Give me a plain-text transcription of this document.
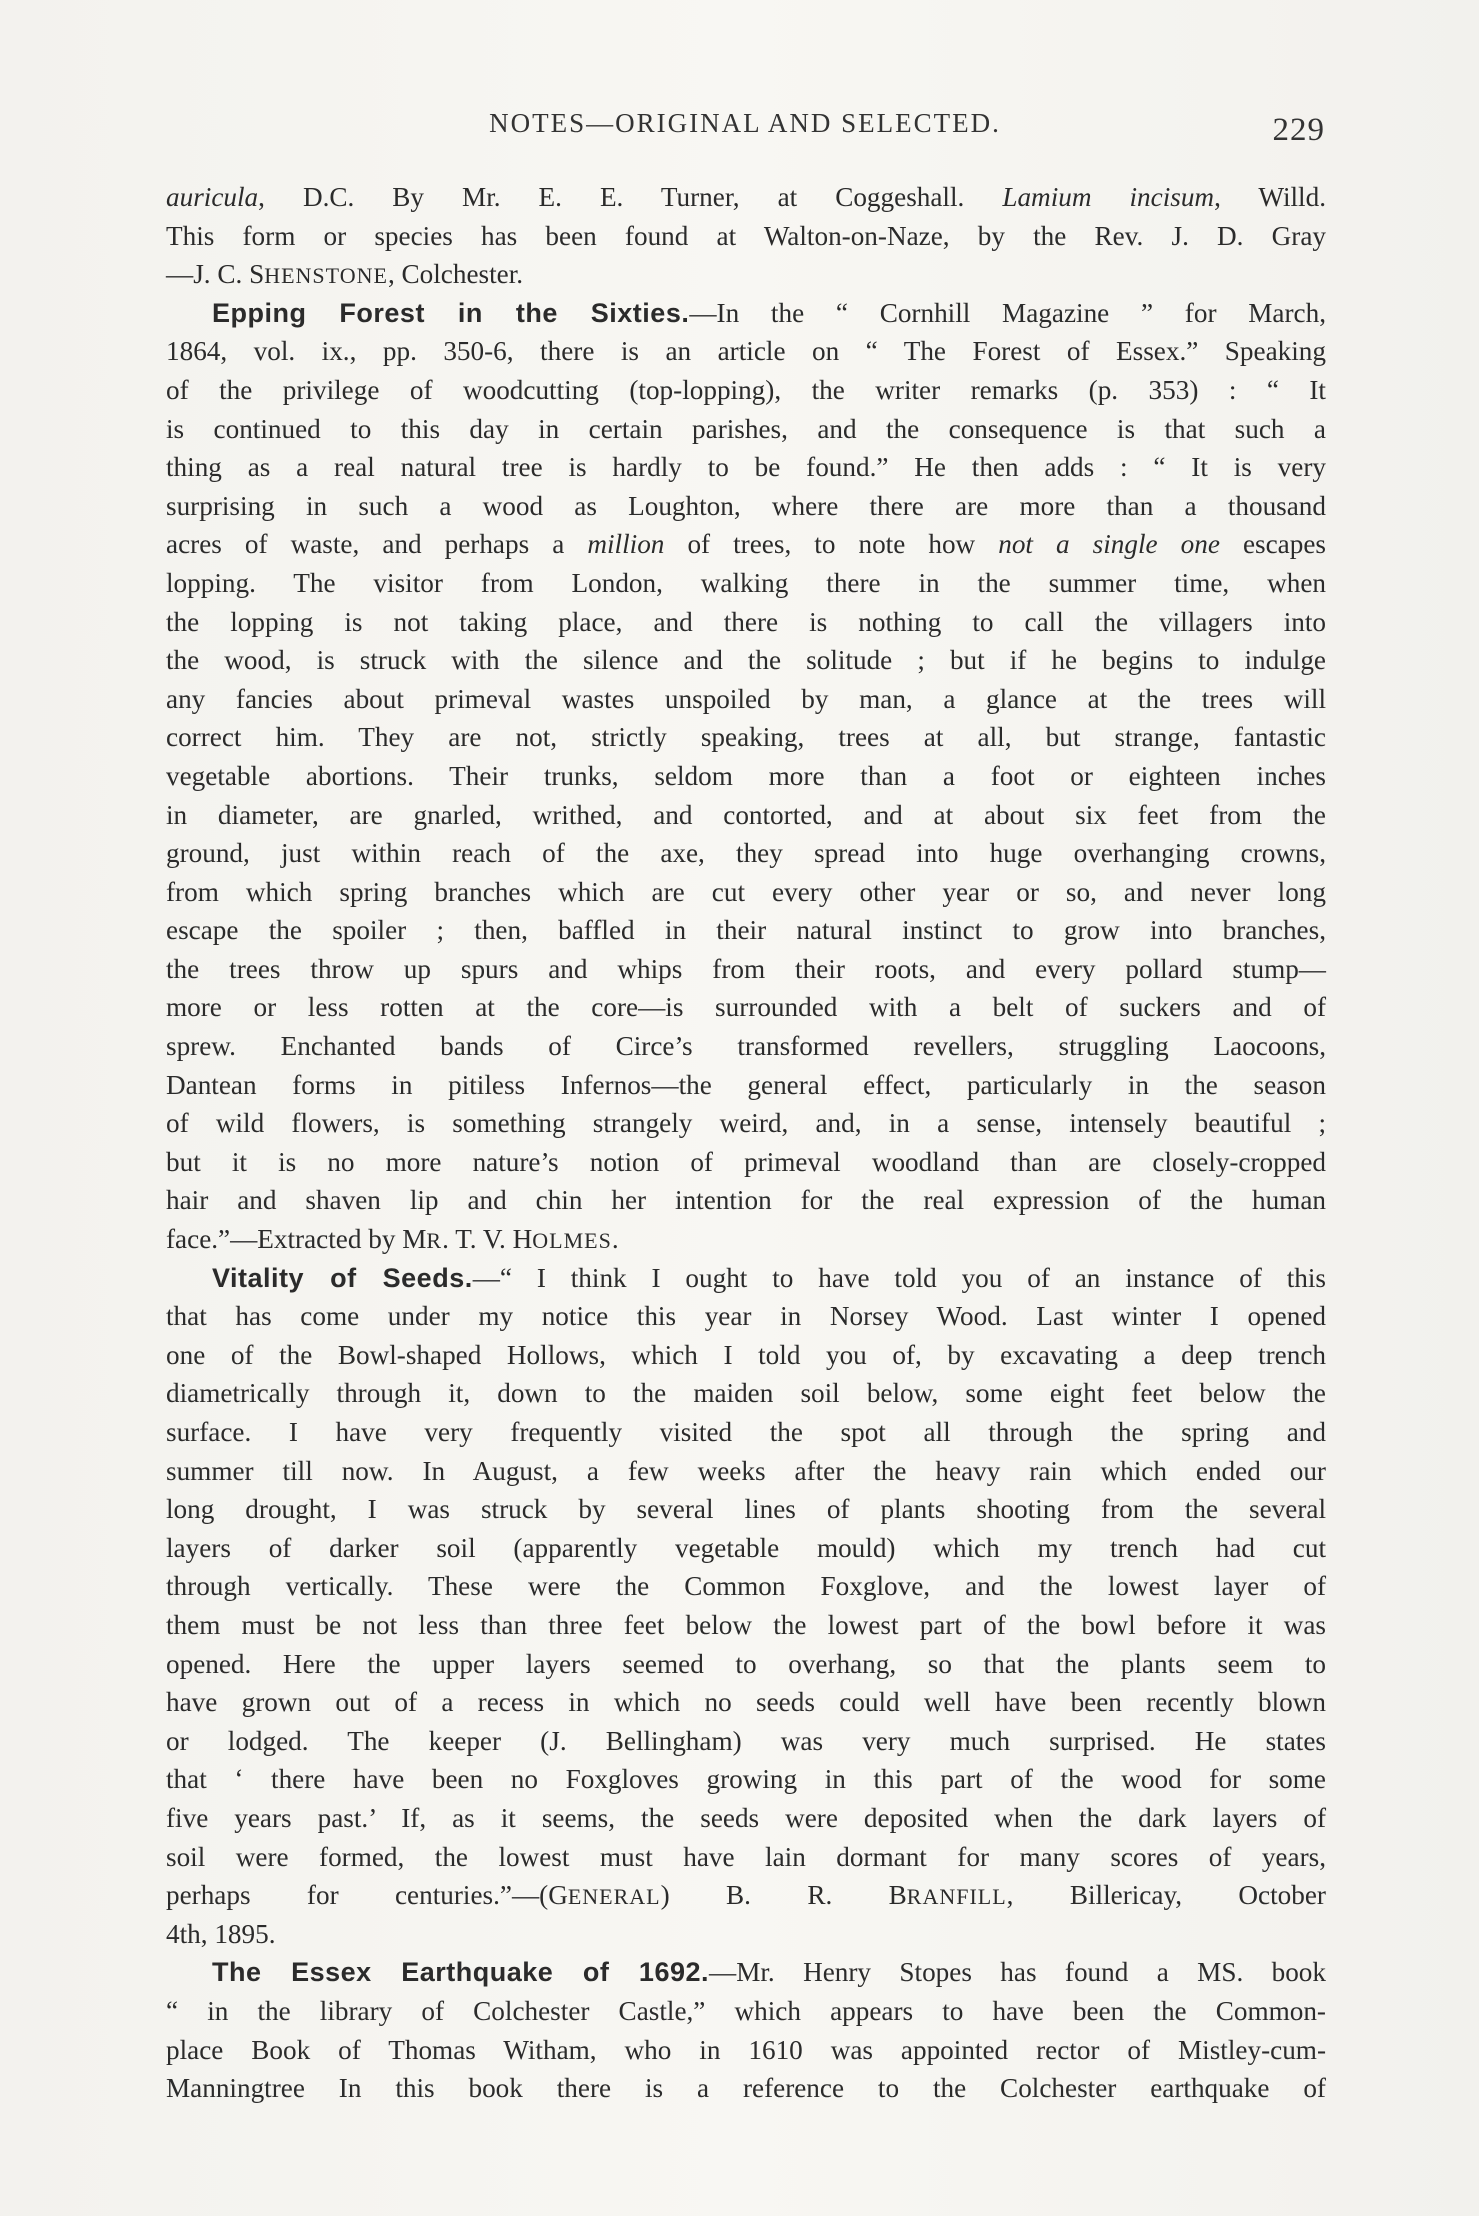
NOTES—ORIGINAL AND SELECTED.	229
auricula, D.C. By Mr. E. E. Turner, at Coggeshall. Lamium incisum, Willd.
This form or species has been found at Walton-on-Naze, by the Rev. J. D. Gray
—J. C. SHENSTONE, Colchester.
Epping Forest in the Sixties.—In the “ Cornhill Magazine ” for March,
1864, vol. ix., pp. 350-6, there is an article on “ The Forest of Essex.” Speaking
of the privilege of woodcutting (top-lopping), the writer remarks (p. 353) : “ It
is continued to this day in certain parishes, and the consequence is that such a
thing as a real natural tree is hardly to be found.” He then adds : “ It is very
surprising in such a wood as Loughton, where there are more than a thousand
acres of waste, and perhaps a million of trees, to note how not a single one escapes
lopping. The visitor from London, walking there in the summer time, when
the lopping is not taking place, and there is nothing to call the villagers into
the wood, is struck with the silence and the solitude ; but if he begins to indulge
any fancies about primeval wastes unspoiled by man, a glance at the trees will
correct him. They are not, strictly speaking, trees at all, but strange, fantastic
vegetable abortions. Their trunks, seldom more than a foot or eighteen inches
in diameter, are gnarled, writhed, and contorted, and at about six feet from the
ground, just within reach of the axe, they spread into huge overhanging crowns,
from which spring branches which are cut every other year or so, and never long
escape the spoiler ; then, baffled in their natural instinct to grow into branches,
the trees throw up spurs and whips from their roots, and every pollard stump—
more or less rotten at the core—is surrounded with a belt of suckers and of
sprew. Enchanted bands of Circe’s transformed revellers, struggling Laocoons,
Dantean forms in pitiless Infernos—the general effect, particularly in the season
of wild flowers, is something strangely weird, and, in a sense, intensely beautiful ;
but it is no more nature’s notion of primeval woodland than are closely-cropped
hair and shaven lip and chin her intention for the real expression of the human
face.”—Extracted by MR. T. V. HOLMES.
Vitality of Seeds.—“ I think I ought to have told you of an instance of this
that has come under my notice this year in Norsey Wood. Last winter I opened
one of the Bowl-shaped Hollows, which I told you of, by excavating a deep trench
diametrically through it, down to the maiden soil below, some eight feet below the
surface. I have very frequently visited the spot all through the spring and
summer till now. In August, a few weeks after the heavy rain which ended our
long drought, I was struck by several lines of plants shooting from the several
layers of darker soil (apparently vegetable mould) which my trench had cut
through vertically. These were the Common Foxglove, and the lowest layer of
them must be not less than three feet below the lowest part of the bowl before it was
opened. Here the upper layers seemed to overhang, so that the plants seem to
have grown out of a recess in which no seeds could well have been recently blown
or lodged. The keeper (J. Bellingham) was very much surprised. He states
that ‘ there have been no Foxgloves growing in this part of the wood for some
five years past.’ If, as it seems, the seeds were deposited when the dark layers of
soil were formed, the lowest must have lain dormant for many scores of years,
perhaps for centuries.”—(GENERAL) B. R. BRANFILL, Billericay, October
4th, 1895.
The Essex Earthquake of 1692.—Mr. Henry Stopes has found a MS. book
“ in the library of Colchester Castle,” which appears to have been the Common-
place Book of Thomas Witham, who in 1610 was appointed rector of Mistley-cum-
Manningtree In this book there is a reference to the Colchester earthquake of
